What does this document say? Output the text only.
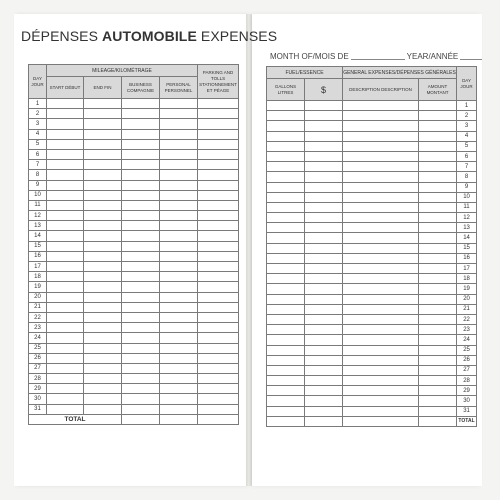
DÉPENSES AUTOMOBILE EXPENSES
MONTH OF/MOIS DE	YEAR/ANNÉE
DAY JOUR	MILEAGE/KILOMÉTRAGE				PARKING AND TOLLS STATIONNEMENT ET PÉAGE
	START DÉBUT	END FIN	BUSINESS COMPAGNIE	PERSONAL PERSONNEL	
1					
2					
3					
4					
5					
6					
7					
8					
9					
10					
11					
12					
13					
14					
15					
16					
17					
18					
19					
20					
21					
22					
23					
24					
25					
26					
27					
28					
29					
30					
31					
TOTAL					
FUEL/ESSENCE		GENERAL EXPENSES/DÉPENSES GÉNÉRALES		DAY JOUR
GALLONS LITRES	$	DESCRIPTION DESCRIPTION	AMOUNT MONTANT	
				1
				2
				3
				4
				5
				6
				7
				8
				9
				10
				11
				12
				13
				14
				15
				16
				17
				18
				19
				20
				21
				22
				23
				24
				25
				26
				27
				28
				29
				30
				31
				TOTAL
